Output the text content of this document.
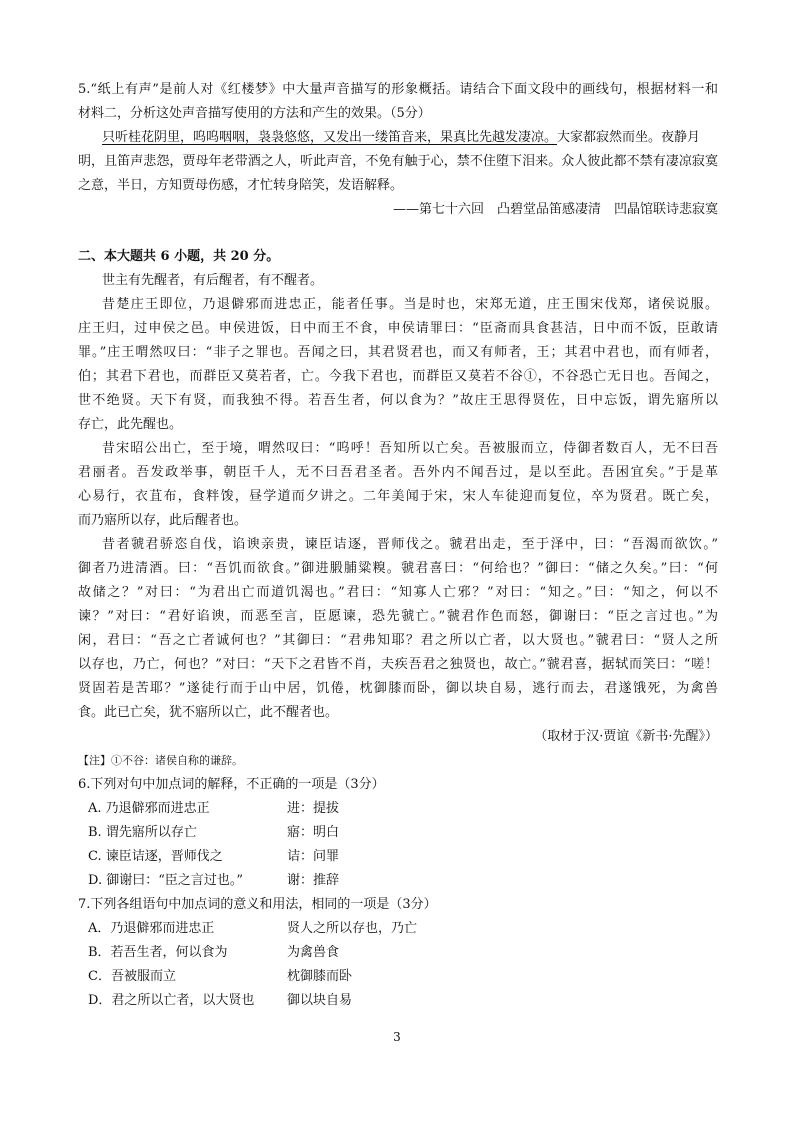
5.“纸上有声”是前人对《红楼梦》中大量声音描写的形象概括。请结合下面文段中的画线句，根据材料一和
材料二，分析这处声音描写使用的方法和产生的效果。（5分）
只听桂花阴里，呜呜咽咽，袅袅悠悠，又发出一缕笛音来，果真比先越发凄凉。大家都寂然而坐。夜静月
明，且笛声悲怨，贾母年老带酒之人，听此声音，不免有触于心，禁不住堕下泪来。众人彼此都不禁有凄凉寂寞
之意，半日，方知贾母伤感，才忙转身陪笑，发语解释。
——第七十六回　凸碧堂品笛感凄清　凹晶馆联诗悲寂寞
二、本大题共 6 小题，共 20 分。
世主有先醒者，有后醒者，有不醒者。
昔楚庄王即位，乃退僻邪而进忠正，能者任事。当是时也，宋郑无道，庄王围宋伐郑，诸侯说服。
庄王归，过申侯之邑。申侯进饭，日中而王不食，申侯请罪曰：“臣斋而具食甚洁，日中而不饭，臣敢请
罪。”庄王喟然叹曰：“非子之罪也。吾闻之曰，其君贤君也，而又有师者，王；其君中君也，而有师者，
伯；其君下君也，而群臣又莫若者，亡。今我下君也，而群臣又莫若不谷①，不谷恐亡无日也。吾闻之，
世不绝贤。天下有贤，而我独不得。若吾生者，何以食为？”故庄王思得贤佐，日中忘饭，谓先寤所以
存亡，此先醒也。
昔宋昭公出亡，至于境，喟然叹曰：“呜呼！吾知所以亡矣。吾被服而立，侍御者数百人，无不曰吾
君丽者。吾发政举事，朝臣千人，无不曰吾君圣者。吾外内不闻吾过，是以至此。吾困宜矣。”于是革
心易行，衣苴布，食䉽馂，昼学道而夕讲之。二年美闻于宋，宋人车徒迎而复位，卒为贤君。既亡矣，
而乃寤所以存，此后醒者也。
昔者虢君骄恣自伐，谄谀亲贵，谏臣诘逐，晋师伐之。虢君出走，至于泽中，曰：“吾渴而欲饮。”
御者乃进清酒。曰：“吾饥而欲食。”御进腶脯粱糗。虢君喜曰：“何给也？”御曰：“储之久矣。”曰：“何
故储之？”对曰：“为君出亡而道饥渴也。”君曰：“知寡人亡邪？”对曰：“知之。”曰：“知之，何以不
谏？”对曰：“君好谄谀，而恶至言，臣愿谏，恐先虢亡。”虢君作色而怒，御谢曰：“臣之言过也。”为
闲，君曰：“吾之亡者诚何也？”其御曰：“君弗知耶？君之所以亡者，以大贤也。”虢君曰：“贤人之所
以存也，乃亡，何也？”对曰：“天下之君皆不肖，夫疾吾君之独贤也，故亡。”虢君喜，据轼而笑曰：“嗟！
贤固若是苦耶？”遂徒行而于山中居，饥倦，枕御膝而卧，御以块自易，逃行而去，君遂饿死，为禽兽
食。此已亡矣，犹不寤所以亡，此不醒者也。
（取材于汉·贾谊《新书·先醒》）
【注】①不谷：诸侯自称的谦辞。
6.下列对句中加点词的解释，不正确的一项是（3分）
A. 乃退僻邪而进忠正	进：提拔
B. 谓先寤所以存亡	寤：明白
C. 谏臣诘逐，晋师伐之	诘：问罪
D. 御谢曰：“臣之言过也。”	谢：推辞
7.下列各组语句中加点词的意义和用法，相同的一项是（3分）
A．乃退僻邪而进忠正	贤人之所以存也，乃亡
B．若吾生者，何以食为	为禽兽食
C．吾被服而立	枕御膝而卧
D．君之所以亡者，以大贤也	御以块自易
3
